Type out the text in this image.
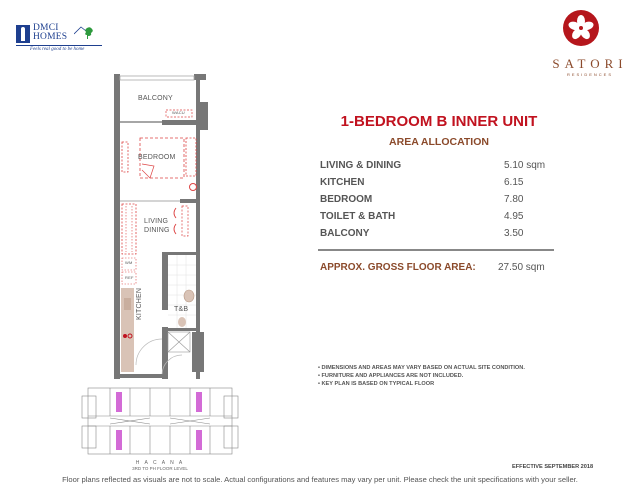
DMCI
HOMES
Feels real good to be home
SATORI
RESIDENCES
BALCONY
WACU
BEDROOM
LIVING
DINING
WM
REF
KITCHEN	T&B
H A C A N A
3RD TO PH FLOOR LEVEL
1-BEDROOM B INNER UNIT
AREA ALLOCATION
LIVING & DINING	5.10 sqm
KITCHEN	6.15
BEDROOM	7.80
TOILET & BATH	4.95
BALCONY	3.50
APPROX. GROSS FLOOR AREA: 27.50 sqm
• DIMENSIONS AND AREAS MAY VARY BASED ON ACTUAL SITE CONDITION.
• FURNITURE AND APPLIANCES ARE NOT INCLUDED.
• KEY PLAN IS BASED ON TYPICAL FLOOR
EFFECTIVE SEPTEMBER 2018
Floor plans reflected as visuals are not to scale. Actual configurations and features may vary per unit. Please check the unit specifications with your seller.
